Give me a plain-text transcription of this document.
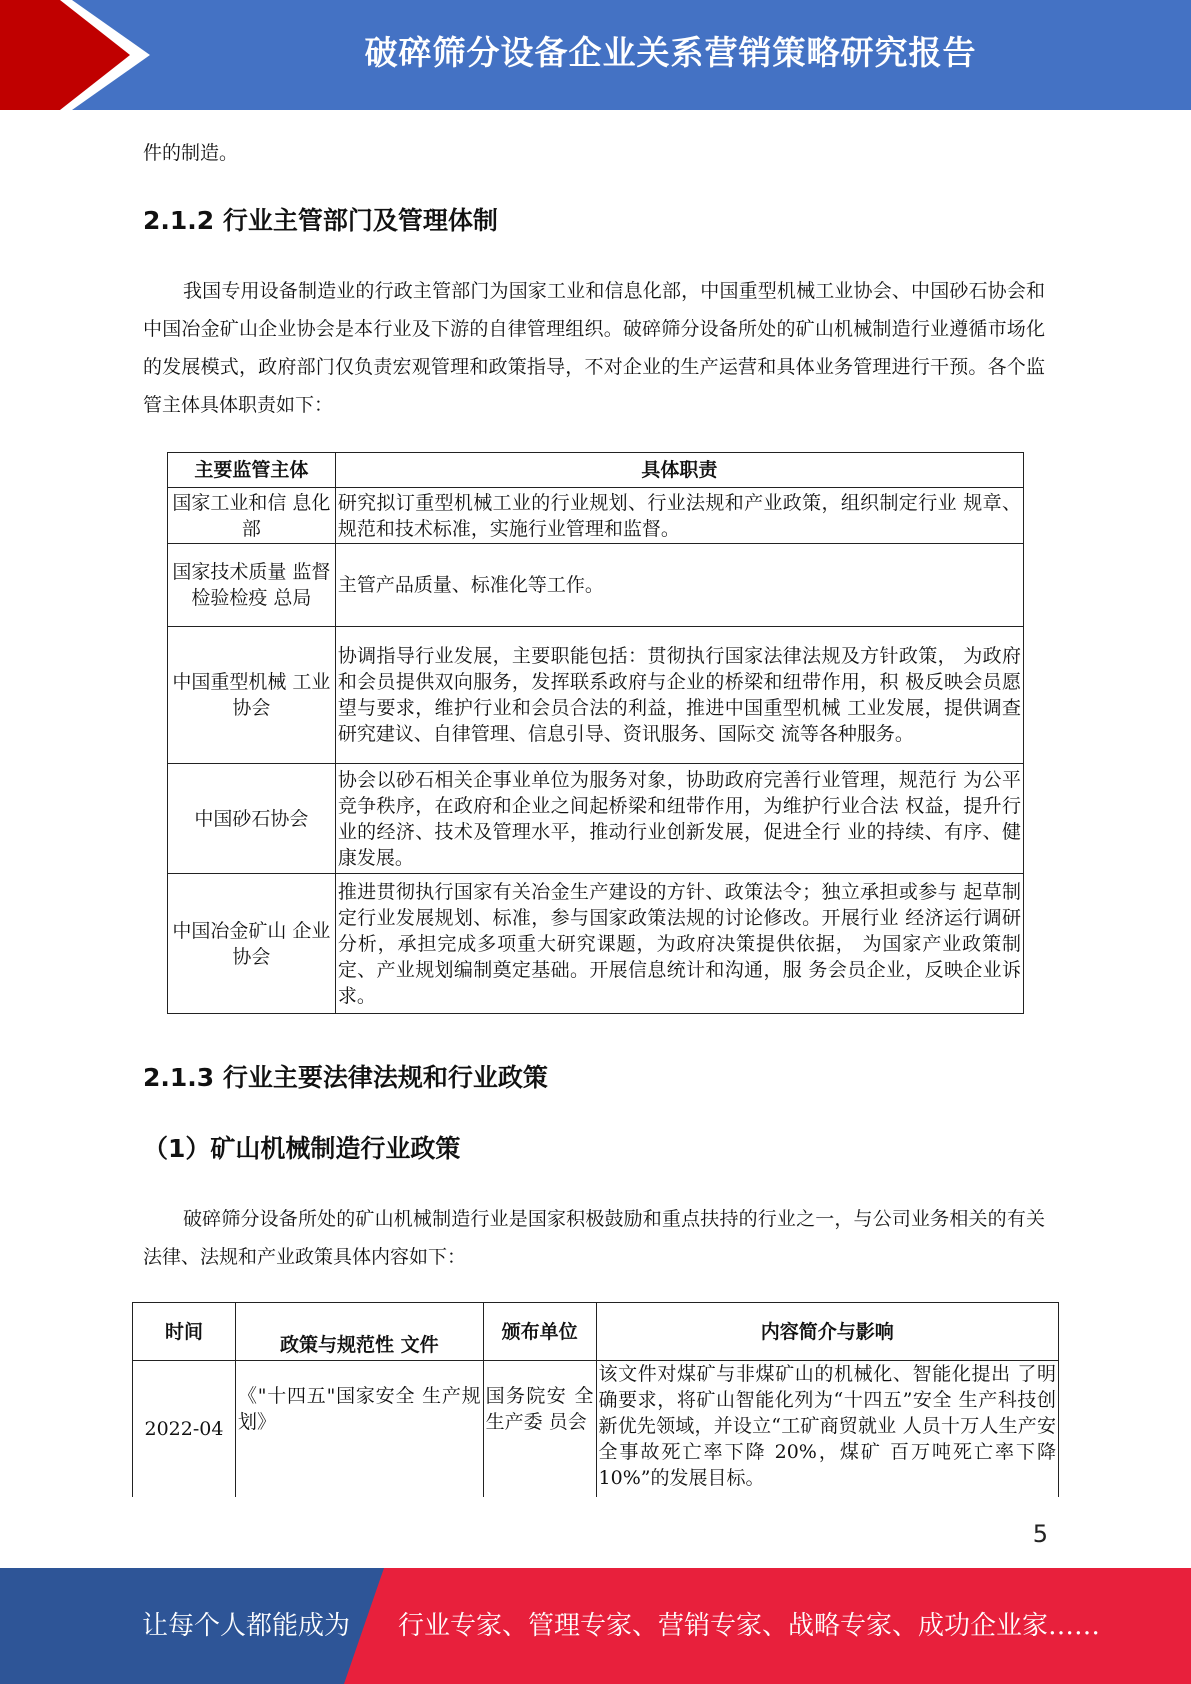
破碎筛分设备企业关系营销策略研究报告
件的制造。
2.1.2 行业主管部门及管理体制
我国专用设备制造业的行政主管部门为国家工业和信息化部，中国重型机械工业协会、中国砂石协会和中国冶金矿山企业协会是本行业及下游的自律管理组织。破碎筛分设备所处的矿山机械制造行业遵循市场化的发展模式，政府部门仅负责宏观管理和政策指导，不对企业的生产运营和具体业务管理进行干预。各个监管主体具体职责如下：
主要监管主体	具体职责
国家工业和信 息化部	研究拟订重型机械工业的行业规划、行业法规和产业政策，组织制定行业 规章、规范和技术标准，实施行业管理和监督。
国家技术质量 监督检验检疫 总局	主管产品质量、标准化等工作。
中国重型机械 工业协会	协调指导行业发展，主要职能包括：贯彻执行国家法律法规及方针政策， 为政府和会员提供双向服务，发挥联系政府与企业的桥梁和纽带作用，积 极反映会员愿望与要求，维护行业和会员合法的利益，推进中国重型机械 工业发展，提供调查研究建议、自律管理、信息引导、资讯服务、国际交 流等各种服务。
中国砂石协会	协会以砂石相关企事业单位为服务对象，协助政府完善行业管理，规范行 为公平竞争秩序，在政府和企业之间起桥梁和纽带作用，为维护行业合法 权益，提升行业的经济、技术及管理水平，推动行业创新发展，促进全行 业的持续、有序、健康发展。
中国冶金矿山 企业协会	推进贯彻执行国家有关冶金生产建设的方针、政策法令；独立承担或参与 起草制定行业发展规划、标准，参与国家政策法规的讨论修改。开展行业 经济运行调研分析，承担完成多项重大研究课题，为政府决策提供依据， 为国家产业政策制定、产业规划编制奠定基础。开展信息统计和沟通，服 务会员企业，反映企业诉求。
2.1.3 行业主要法律法规和行业政策
（1）矿山机械制造行业政策
破碎筛分设备所处的矿山机械制造行业是国家积极鼓励和重点扶持的行业之一，与公司业务相关的有关法律、法规和产业政策具体内容如下：
时间	政策与规范性 文件	颁布单位	内容简介与影响
2022-04	《"十四五"国家安全 生产规划》	国务院安 全生产委 员会	该文件对煤矿与非煤矿山的机械化、智能化提出 了明确要求，将矿山智能化列为“十四五”安全 生产科技创新优先领域，并设立“工矿商贸就业 人员十万人生产安全事故死亡率下降 20%，煤矿 百万吨死亡率下降 10%”的发展目标。
5
让每个人都能成为 行业专家、管理专家、营销专家、战略专家、成功企业家……
